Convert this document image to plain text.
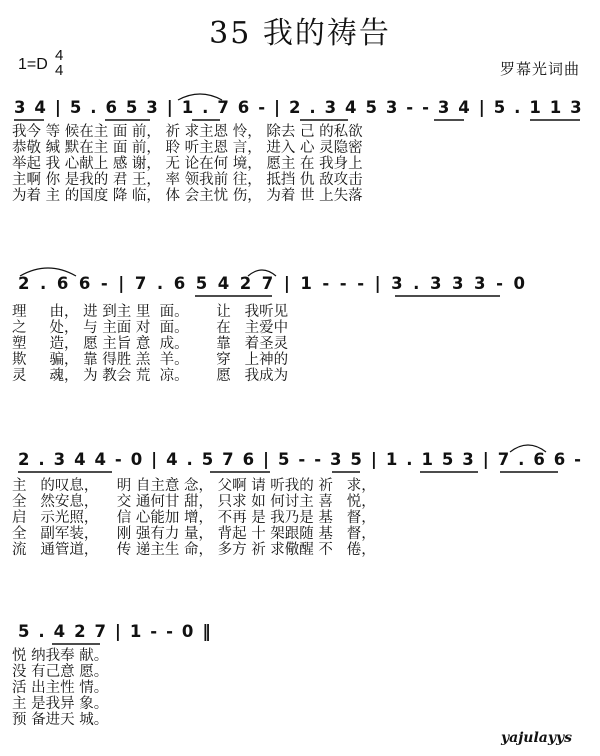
35 我的祷告
1=D
4
4	罗幕光词曲
3 4 | 5 . 6 5 3 | 1 . 7 6 - | 2 . 3 4 5 3 - - 3 4 | 5 . 1 1 3
我今 等 候在主 面 前， 祈 求主恩 怜， 除去 己 的私欲
恭敬 缄 默在主 面 前， 聆 听主恩 言， 进入 心 灵隐密
举起 我 心献上 感 谢， 无 论在何 境， 愿主 在 我身上
主啊 你 是我的 君 王， 率 领我前 往， 抵挡 仇 敌攻击
为着 主 的国度 降 临， 体 会主忧 伤， 为着 世 上失落
2 . 6 6 - | 7 . 6 5 4 2 7 | 1 - - - | 3 . 3 3 3 - 0
理     由， 进 到主 里  面。      让   我听见
之     处， 与 主面 对  面。      在   主爱中
塑     造， 愿 主旨 意  成。      靠   着圣灵
欺     骗， 靠 得胜 羔  羊。      穿   上神的
灵     魂， 为 教会 荒  凉。      愿   我成为
2 . 3 4 4 - 0 | 4 . 5 7 6 | 5 - - 3 5 | 1 . 1 5 3 | 7 . 6 6 -
主   的叹息，    明 自主意 念， 父啊 请 听我的 祈   求，
全   然安息，    交 通何甘 甜， 只求 如 何讨主 喜   悦，
启   示光照，    信 心能加 增， 不再 是 我乃是 基   督，
全   副军装，    刚 强有力 量， 背起 十 架跟随 基   督，
流   通管道，    传 递主生 命， 多方 祈 求儆醒 不   倦，
5 . 4 2 7 | 1 - - 0 ‖
悦 纳我奉 献。
没 有己意 愿。
活 出主性 情。
主 是我异 象。
预 备进天 城。
yajulayys
